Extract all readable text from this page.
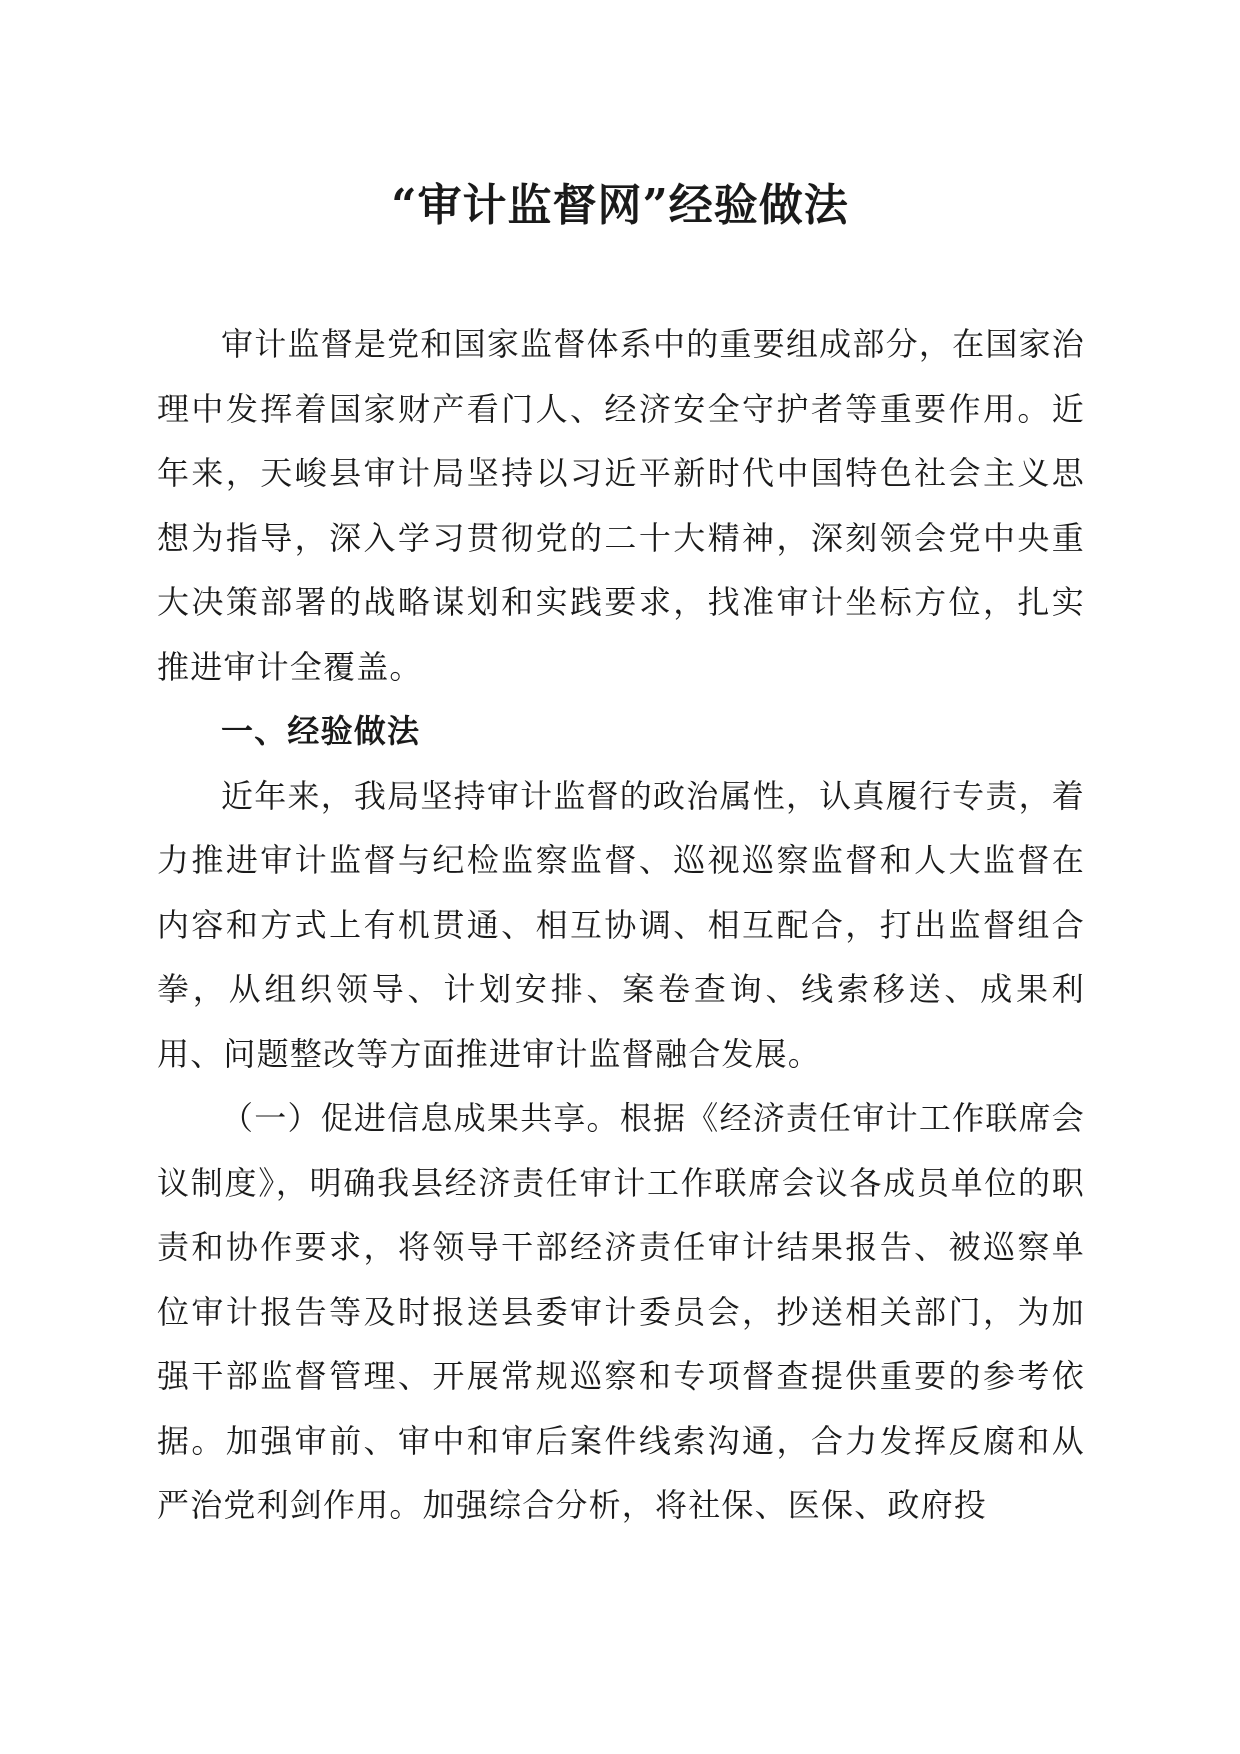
“审计监督网”经验做法

审计监督是党和国家监督体系中的重要组成部分，在国家治理中发挥着国家财产看门人、经济安全守护者等重要作用。近年来，天峻县审计局坚持以习近平新时代中国特色社会主义思想为指导，深入学习贯彻党的二十大精神，深刻领会党中央重大决策部署的战略谋划和实践要求，找准审计坐标方位，扎实推进审计全覆盖。

一、经验做法

近年来，我局坚持审计监督的政治属性，认真履行专责，着力推进审计监督与纪检监察监督、巡视巡察监督和人大监督在内容和方式上有机贯通、相互协调、相互配合，打出监督组合拳，从组织领导、计划安排、案卷查询、线索移送、成果利用、问题整改等方面推进审计监督融合发展。

（一）促进信息成果共享。根据《经济责任审计工作联席会议制度》，明确我县经济责任审计工作联席会议各成员单位的职责和协作要求，将领导干部经济责任审计结果报告、被巡察单位审计报告等及时报送县委审计委员会，抄送相关部门，为加强干部监督管理、开展常规巡察和专项督查提供重要的参考依据。加强审前、审中和审后案件线索沟通，合力发挥反腐和从严治党利剑作用。加强综合分析，将社保、医保、政府投
